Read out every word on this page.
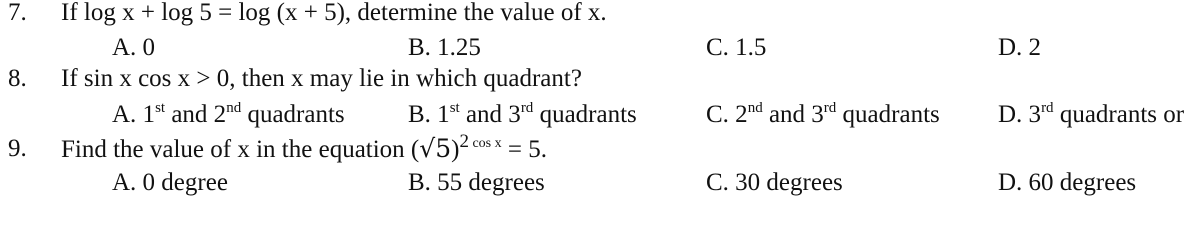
7. If log x + log 5 = log (x + 5), determine the value of x.
A. 0	B. 1.25	C. 1.5	D. 2
8. If sin x cos x > 0, then x may lie in which quadrant?
A. 1st and 2nd quadrants	B. 1st and 3rd quadrants	C. 2nd and 3rd quadrants D. 3rd quadrants or
9. Find the value of x in the equation $(√5)^{2 cos x} = 5$.
A. 0 degree	B. 55 degrees	C. 30 degrees	D. 60 degrees
